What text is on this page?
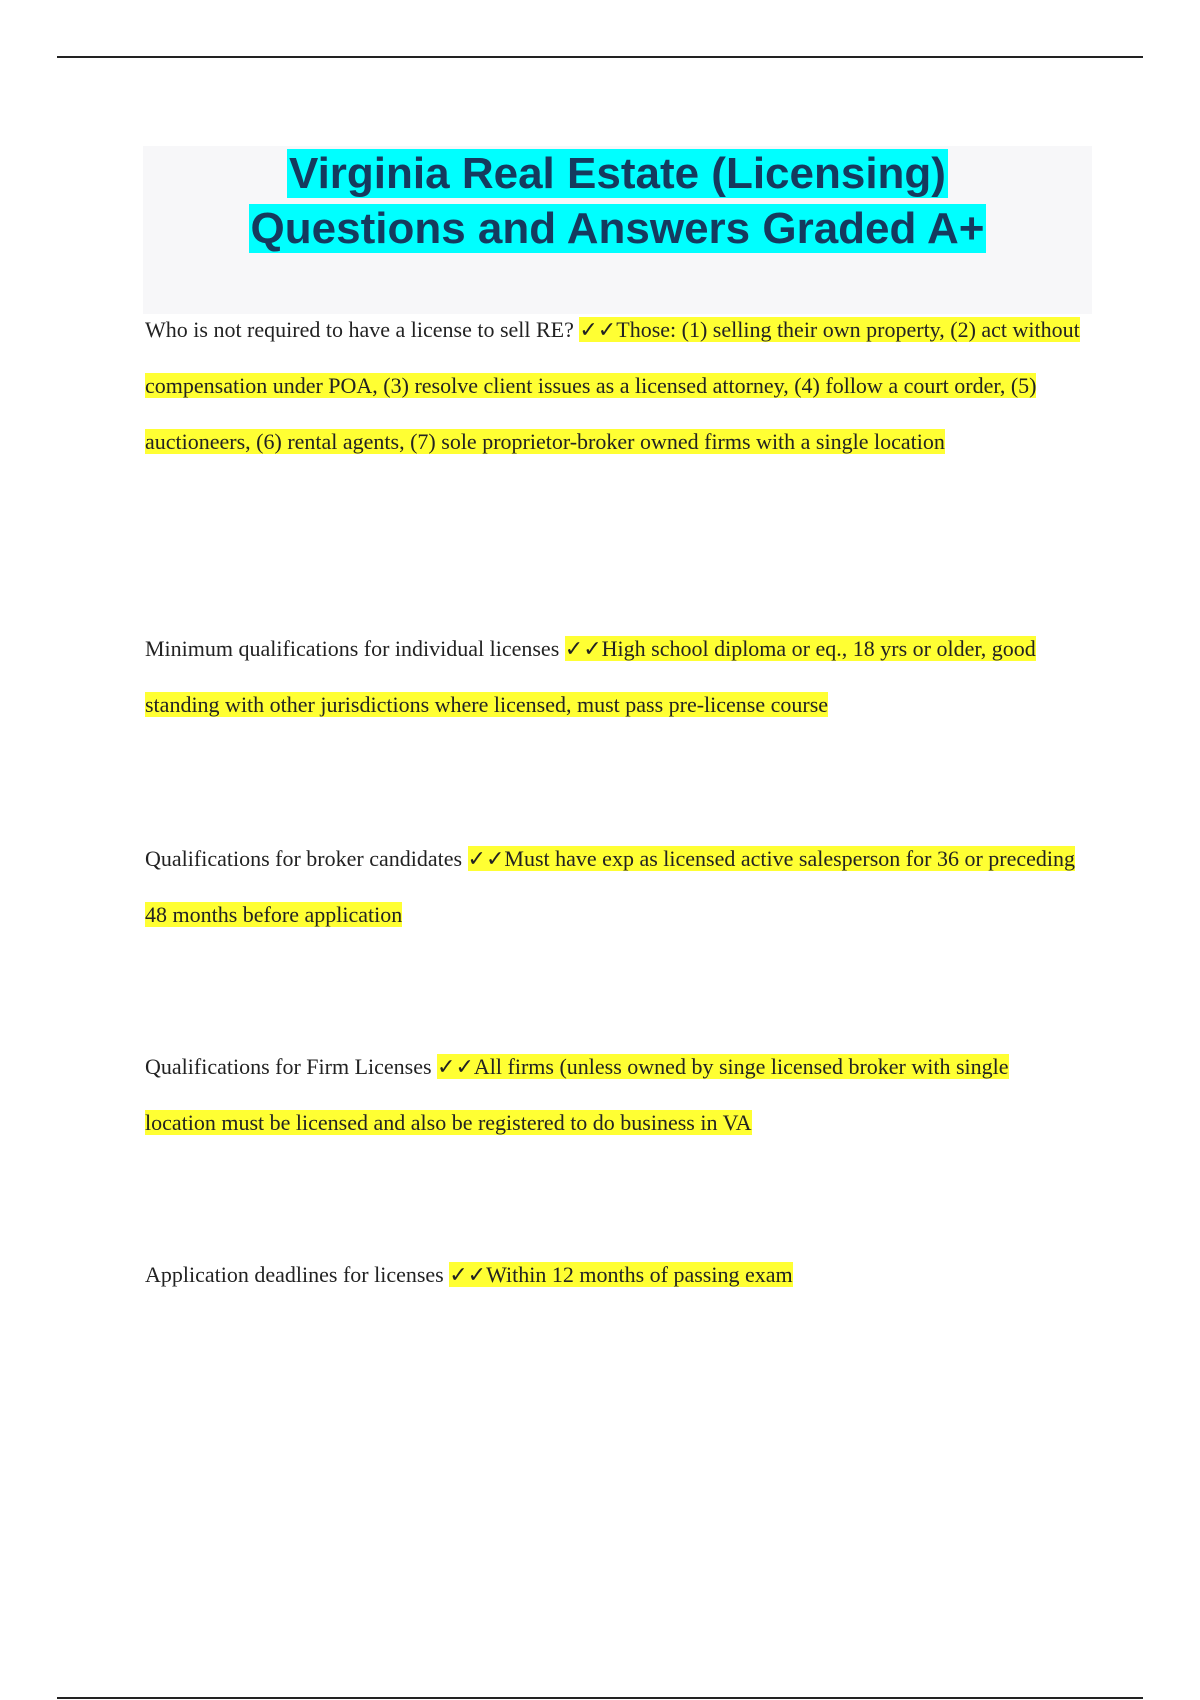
Virginia Real Estate (Licensing)
Questions and Answers Graded A+

Who is not required to have a license to sell RE? ✓✓Those: (1) selling their own property, (2) act without compensation under POA, (3) resolve client issues as a licensed attorney, (4) follow a court order, (5) auctioneers, (6) rental agents, (7) sole proprietor-broker owned firms with a single location

Minimum qualifications for individual licenses ✓✓High school diploma or eq., 18 yrs or older, good standing with other jurisdictions where licensed, must pass pre-license course

Qualifications for broker candidates ✓✓Must have exp as licensed active salesperson for 36 or preceding 48 months before application

Qualifications for Firm Licenses ✓✓All firms (unless owned by singe licensed broker with single location must be licensed and also be registered to do business in VA

Application deadlines for licenses ✓✓Within 12 months of passing exam
